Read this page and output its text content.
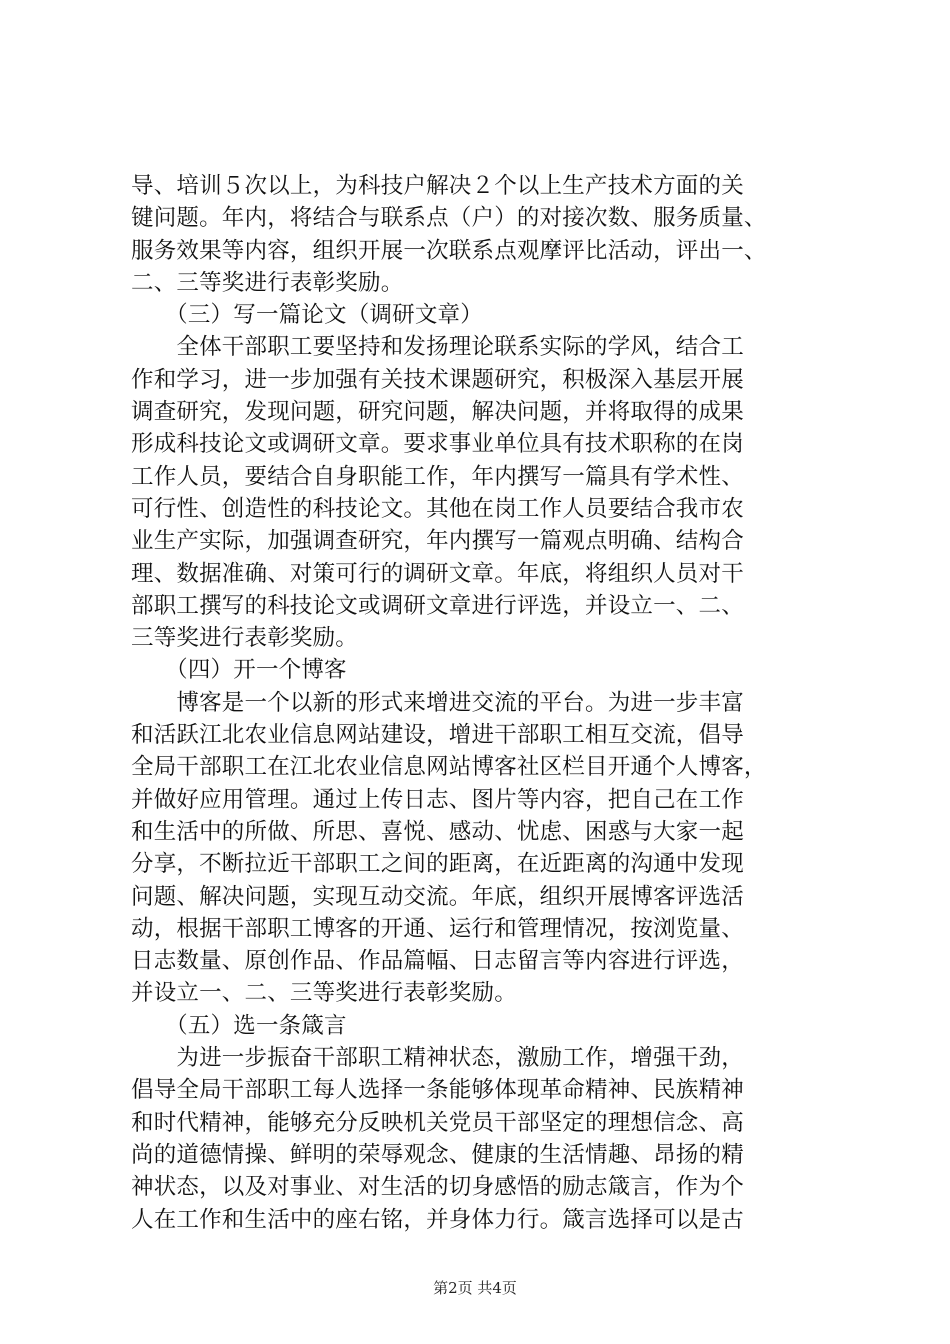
导、培训５次以上，为科技户解决２个以上生产技术方面的关
键问题。年内，将结合与联系点（户）的对接次数、服务质量、
服务效果等内容，组织开展一次联系点观摩评比活动，评出一、
二、三等奖进行表彰奖励。
　　（三）写一篇论文（调研文章）
　　全体干部职工要坚持和发扬理论联系实际的学风，结合工
作和学习，进一步加强有关技术课题研究，积极深入基层开展
调查研究，发现问题，研究问题，解决问题，并将取得的成果
形成科技论文或调研文章。要求事业单位具有技术职称的在岗
工作人员，要结合自身职能工作，年内撰写一篇具有学术性、
可行性、创造性的科技论文。其他在岗工作人员要结合我市农
业生产实际，加强调查研究，年内撰写一篇观点明确、结构合
理、数据准确、对策可行的调研文章。年底，将组织人员对干
部职工撰写的科技论文或调研文章进行评选，并设立一、二、
三等奖进行表彰奖励。
　　（四）开一个博客
　　博客是一个以新的形式来增进交流的平台。为进一步丰富
和活跃江北农业信息网站建设，增进干部职工相互交流，倡导
全局干部职工在江北农业信息网站博客社区栏目开通个人博客，
并做好应用管理。通过上传日志、图片等内容，把自己在工作
和生活中的所做、所思、喜悦、感动、忧虑、困惑与大家一起
分享，不断拉近干部职工之间的距离，在近距离的沟通中发现
问题、解决问题，实现互动交流。年底，组织开展博客评选活
动，根据干部职工博客的开通、运行和管理情况，按浏览量、
日志数量、原创作品、作品篇幅、日志留言等内容进行评选，
并设立一、二、三等奖进行表彰奖励。
　　（五）选一条箴言
　　为进一步振奋干部职工精神状态，激励工作，增强干劲，
倡导全局干部职工每人选择一条能够体现革命精神、民族精神
和时代精神，能够充分反映机关党员干部坚定的理想信念、高
尚的道德情操、鲜明的荣辱观念、健康的生活情趣、昂扬的精
神状态，以及对事业、对生活的切身感悟的励志箴言，作为个
人在工作和生活中的座右铭，并身体力行。箴言选择可以是古
第2页 共4页
